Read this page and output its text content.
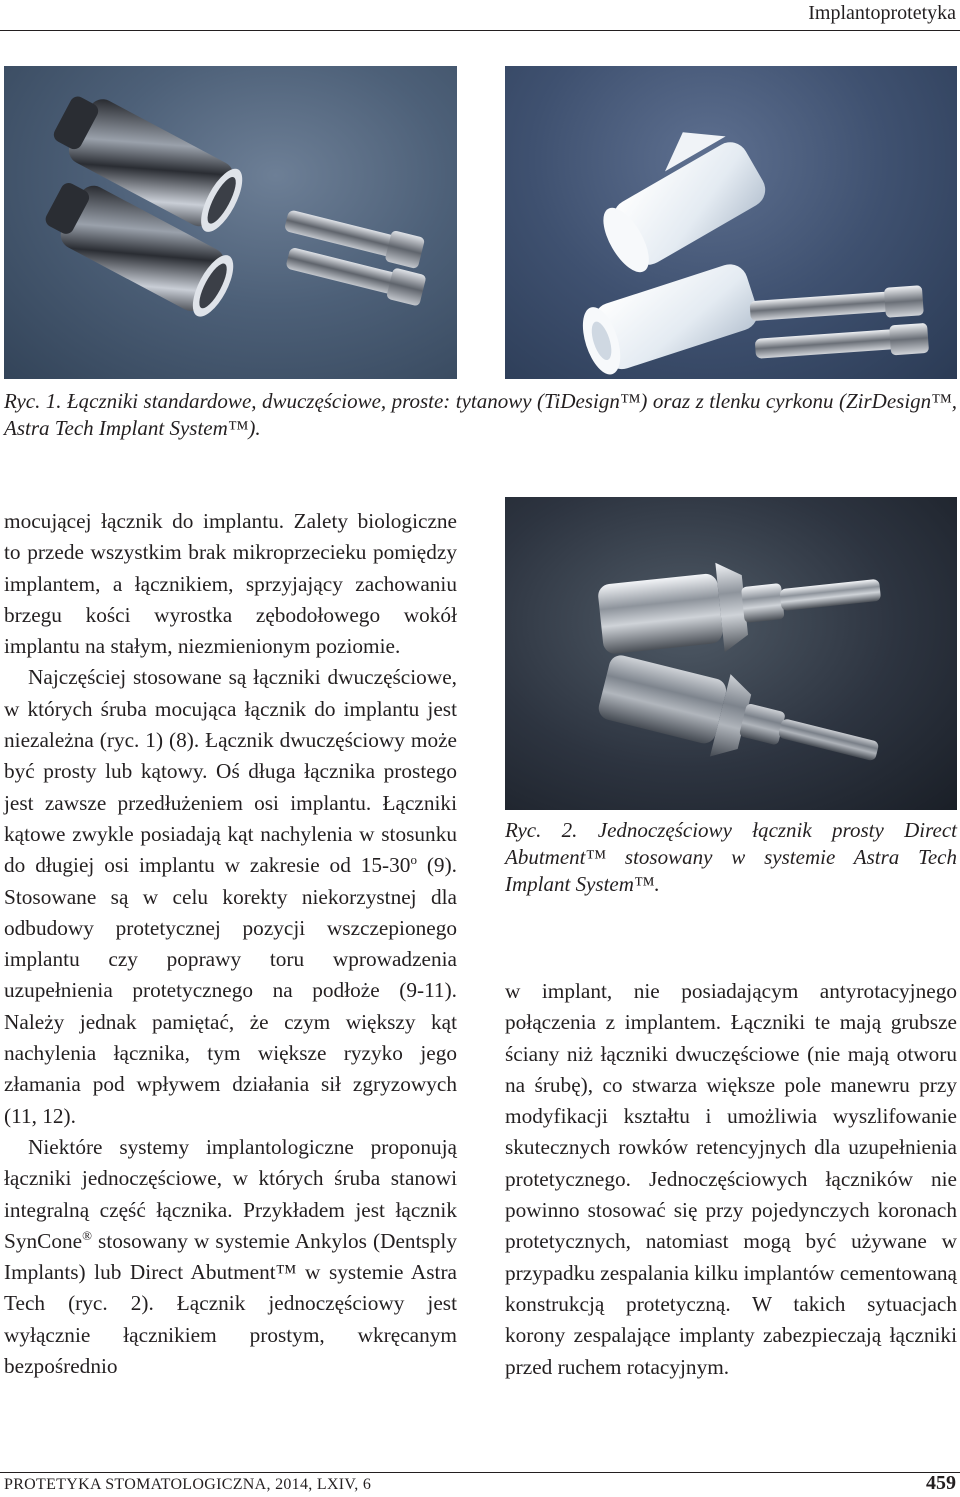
Implantoprotetyka
Ryc. 1. Łączniki standardowe, dwuczęściowe, proste: tytanowy (TiDesign™) oraz z tlenku cyrkonu (ZirDesign™, Astra Tech Implant System™).
Ryc. 2. Jednoczęściowy łącznik prosty Direct Abutment™ stosowany w systemie Astra Tech Implant System™.

mocującej łącznik do implantu. Zalety biologiczne to przede wszystkim brak mikroprzecieku pomiędzy implantem, a łącznikiem, sprzyjający zachowaniu brzegu kości wyrostka zębodołowego wokół implantu na stałym, niezmienionym poziomie.

Najczęściej stosowane są łączniki dwuczęściowe, w których śruba mocująca łącznik do implantu jest niezależna (ryc. 1) (8). Łącznik dwuczęściowy może być prosty lub kątowy. Oś długa łącznika prostego jest zawsze przedłużeniem osi implantu. Łączniki kątowe zwykle posiadają kąt nachylenia w stosunku do długiej osi implantu w zakresie od 15-30$^o$ (9). Stosowane są w celu korekty niekorzystnej dla odbudowy protetycznej pozycji wszczepionego implantu czy poprawy toru wprowadzenia uzupełnienia protetycznego na podłoże (9-11). Należy jednak pamiętać, że czym większy kąt nachylenia łącznika, tym większe ryzyko jego złamania pod wpływem działania sił zgryzowych (11, 12).

Niektóre systemy implantologiczne proponują łączniki jednoczęściowe, w których śruba stanowi integralną część łącznika. Przykładem jest łącznik SynCone® stosowany w systemie Ankylos (Dentsply Implants) lub Direct Abutment™ w systemie Astra Tech (ryc. 2). Łącznik jednoczęściowy jest wyłącznie łącznikiem prostym, wkręcanym bezpośrednio

w implant, nie posiadającym antyrotacyjnego połączenia z implantem. Łączniki te mają grubsze ściany niż łączniki dwuczęściowe (nie mają otworu na śrubę), co stwarza większe pole manewru przy modyfikacji kształtu i umożliwia wyszlifowanie skutecznych rowków retencyjnych dla uzupełnienia protetycznego. Jednoczęściowych łączników nie powinno stosować się przy pojedynczych koronach protetycznych, natomiast mogą być używane w przypadku zespalania kilku implantów cementowaną konstrukcją protetyczną. W takich sytuacjach korony zespalające implanty zabezpieczają łączniki przed ruchem rotacyjnym.

PROTETYKA STOMATOLOGICZNA, 2014, LXIV, 6	459
